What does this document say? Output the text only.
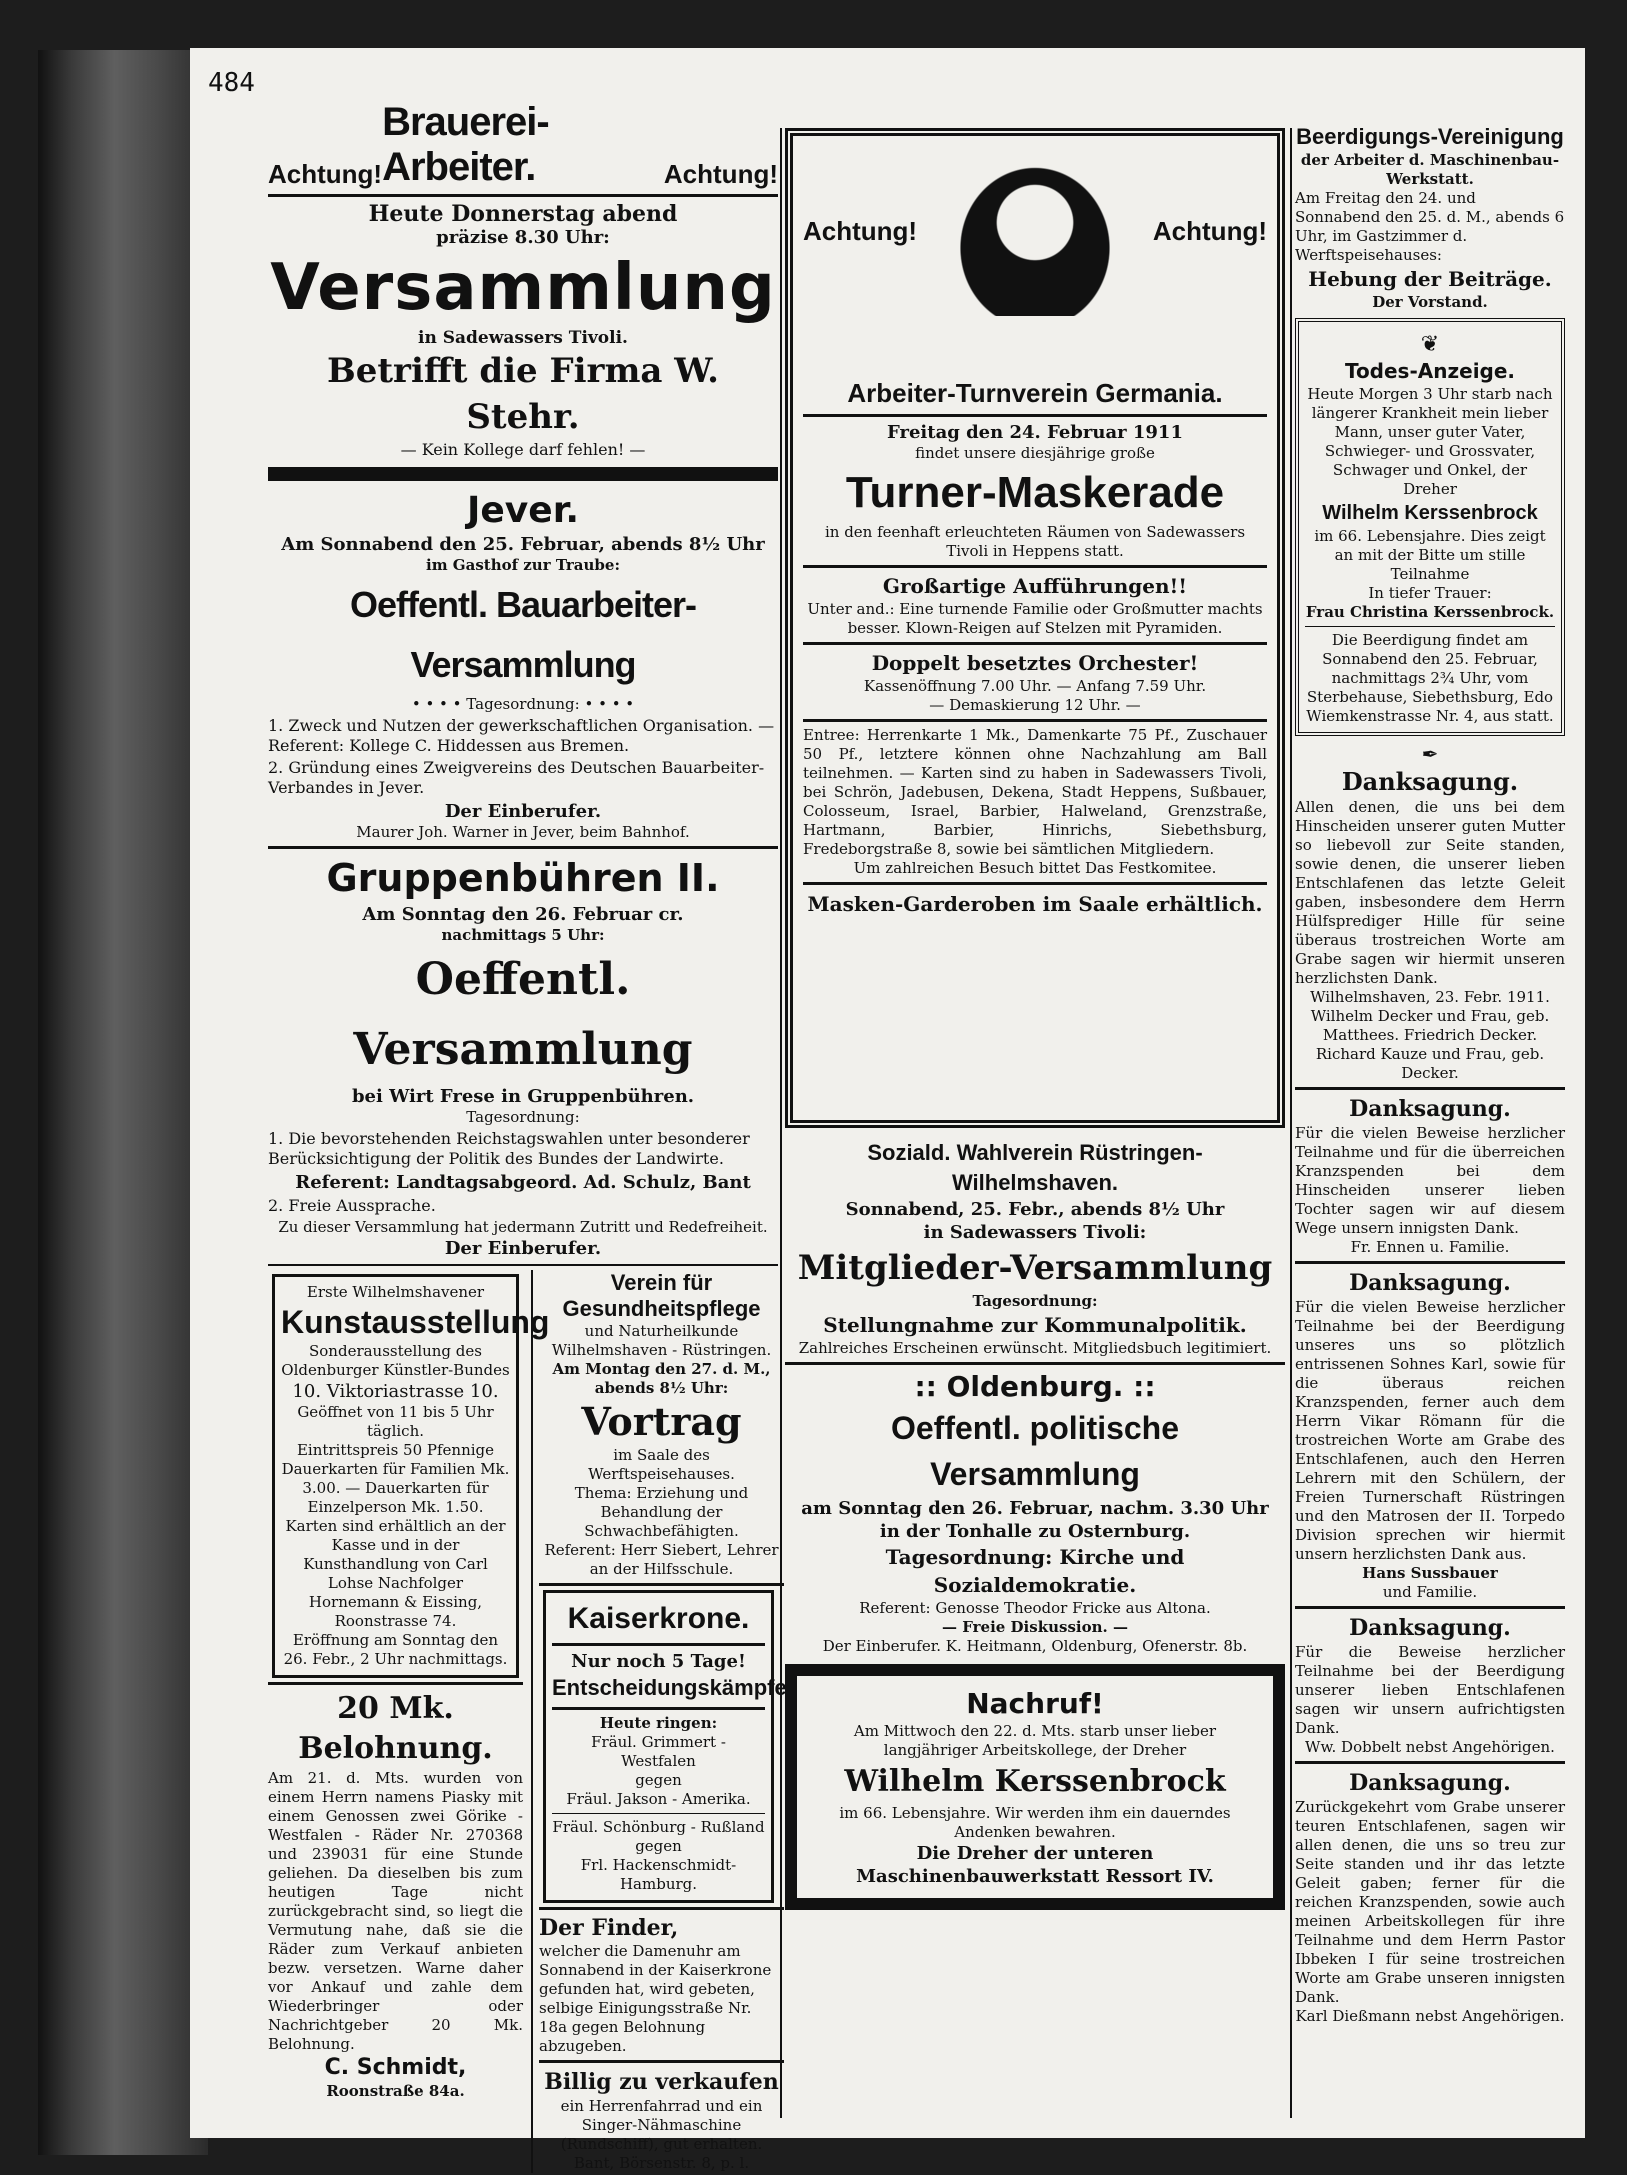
484
Achtung!
Brauerei-Arbeiter.	Achtung!

Heute Donnerstag abend

präzise 8.30 Uhr:

Versammlung

in Sadewassers Tivoli.

Betrifft die Firma W. Stehr.

— Kein Kollege darf fehlen! —

Jever.

Am Sonnabend den 25. Februar, abends 8½ Uhr

im Gasthof zur Traube:

Oeffentl. Bauarbeiter-Versammlung

• • • • Tagesordnung: • • • •

1. Zweck und Nutzen der gewerkschaftlichen Organisation. — Referent: Kollege C. Hiddessen aus Bremen.

2. Gründung eines Zweigvereins des Deutschen Bauarbeiter-Verbandes in Jever.

Der Einberufer.

Maurer Joh. Warner in Jever, beim Bahnhof.

Gruppenbühren II.

Am Sonntag den 26. Februar cr.

nachmittags 5 Uhr:

Oeffentl. Versammlung

bei Wirt Frese in Gruppenbühren.

Tagesordnung:

1. Die bevorstehenden Reichstagswahlen unter besonderer Berücksichtigung der Politik des Bundes der Landwirte.

Referent: Landtagsabgeord. Ad. Schulz, Bant

2. Freie Aussprache.

Zu dieser Versammlung hat jedermann Zutritt und Redefreiheit.

Der Einberufer.

Erste Wilhelmshavener

Kunstausstellung

Sonderausstellung des Oldenburger Künstler-Bundes

10. Viktoriastrasse 10.

Geöffnet von 11 bis 5 Uhr täglich.

Eintrittspreis 50 Pfennige Dauerkarten für Familien Mk. 3.00. — Dauerkarten für Einzelperson Mk. 1.50.

Karten sind erhältlich an der Kasse und in der Kunsthandlung von Carl Lohse Nachfolger Hornemann & Eissing, Roonstrasse 74.

Eröffnung am Sonntag den 26. Febr., 2 Uhr nachmittags.

20 Mk. Belohnung.

Am 21. d. Mts. wurden von einem Herrn namens Piasky mit einem Genossen zwei Görike - Westfalen - Räder Nr. 270368 und 239031 für eine Stunde geliehen. Da dieselben bis zum heutigen Tage nicht zurückgebracht sind, so liegt die Vermutung nahe, daß sie die Räder zum Verkauf anbieten bezw. versetzen. Warne daher vor Ankauf und zahle dem Wiederbringer oder Nachrichtgeber 20 Mk. Belohnung.

C. Schmidt,

Roonstraße 84a.

Verein für Gesundheitspflege

und Naturheilkunde Wilhelmshaven - Rüstringen.

Am Montag den 27. d. M., abends 8½ Uhr:

Vortrag

im Saale des Werftspeisehauses.

Thema: Erziehung und Behandlung der Schwachbefähigten.

Referent: Herr Siebert, Lehrer an der Hilfsschule.

Kaiserkrone.

Nur noch 5 Tage!

Entscheidungskämpfe.

Heute ringen:

Fräul. Grimmert - Westfalen

gegen

Fräul. Jakson - Amerika.

Fräul. Schönburg - Rußland

gegen

Frl. Hackenschmidt-Hamburg.

Der Finder,

welcher die Damenuhr am Sonnabend in der Kaiserkrone gefunden hat, wird gebeten, selbige Einigungsstraße Nr. 18a gegen Belohnung abzugeben.

Billig zu verkaufen

ein Herrenfahrrad und ein Singer-Nähmaschine (Rundschiff), gut erhalten. Bant, Börsenstr. 8, p. l.

Achtung!	Achtung!

Arbeiter-Turnverein Germania.

Freitag den 24. Februar 1911

findet unsere diesjährige große

Turner-Maskerade

in den feenhaft erleuchteten Räumen von Sadewassers Tivoli in Heppens statt.

Großartige Aufführungen!!

Unter and.: Eine turnende Familie oder Großmutter machts besser. Klown-Reigen auf Stelzen mit Pyramiden.

Doppelt besetztes Orchester!

Kassenöffnung 7.00 Uhr. — Anfang 7.59 Uhr.

— Demaskierung 12 Uhr. —

Entree: Herrenkarte 1 Mk., Damenkarte 75 Pf., Zuschauer 50 Pf., letztere können ohne Nachzahlung am Ball teilnehmen. — Karten sind zu haben in Sadewassers Tivoli, bei Schrön, Jadebusen, Dekena, Stadt Heppens, Sußbauer, Colosseum, Israel, Barbier, Halweland, Grenzstraße, Hartmann, Barbier, Hinrichs, Siebethsburg, Fredeborgstraße 8, sowie bei sämtlichen Mitgliedern.

Um zahlreichen Besuch bittet Das Festkomitee.

Masken-Garderoben im Saale erhältlich.

Soziald. Wahlverein Rüstringen-Wilhelmshaven.

Sonnabend, 25. Febr., abends 8½ Uhr

in Sadewassers Tivoli:

Mitglieder-Versammlung

Tagesordnung:

Stellungnahme zur Kommunalpolitik.

Zahlreiches Erscheinen erwünscht. Mitgliedsbuch legitimiert.

:: Oldenburg. ::

Oeffentl. politische Versammlung

am Sonntag den 26. Februar, nachm. 3.30 Uhr

in der Tonhalle zu Osternburg.

Tagesordnung: Kirche und Sozialdemokratie.

Referent: Genosse Theodor Fricke aus Altona.

— Freie Diskussion. —

Der Einberufer. K. Heitmann, Oldenburg, Ofenerstr. 8b.

Nachruf!

Am Mittwoch den 22. d. Mts. starb unser lieber langjähriger Arbeitskollege, der Dreher

Wilhelm Kerssenbrock

im 66. Lebensjahre. Wir werden ihm ein dauerndes Andenken bewahren.

Die Dreher der unteren Maschinenbauwerkstatt Ressort IV.

Beerdigungs-Vereinigung

der Arbeiter d. Maschinenbau-Werkstatt.

Am Freitag den 24. und Sonnabend den 25. d. M., abends 6 Uhr, im Gastzimmer d. Werftspeisehauses:

Hebung der Beiträge.

Der Vorstand.

❦

Todes-Anzeige.

Heute Morgen 3 Uhr starb nach längerer Krankheit mein lieber Mann, unser guter Vater, Schwieger- und Grossvater, Schwager und Onkel, der Dreher

Wilhelm Kerssenbrock

im 66. Lebensjahre. Dies zeigt an mit der Bitte um stille Teilnahme

In tiefer Trauer:

Frau Christina Kerssenbrock.

Die Beerdigung findet am Sonnabend den 25. Februar, nachmittags 2¾ Uhr, vom Sterbehause, Siebethsburg, Edo Wiemkenstrasse Nr. 4, aus statt.

✒

Danksagung.

Allen denen, die uns bei dem Hinscheiden unserer guten Mutter so liebevoll zur Seite standen, sowie denen, die unserer lieben Entschlafenen das letzte Geleit gaben, insbesondere dem Herrn Hülfsprediger Hille für seine überaus trostreichen Worte am Grabe sagen wir hiermit unseren herzlichsten Dank.

Wilhelmshaven, 23. Febr. 1911.

Wilhelm Decker und Frau, geb. Matthees. Friedrich Decker. Richard Kauze und Frau, geb. Decker.

Danksagung.

Für die vielen Beweise herzlicher Teilnahme und für die überreichen Kranzspenden bei dem Hinscheiden unserer lieben Tochter sagen wir auf diesem Wege unsern innigsten Dank.

Fr. Ennen u. Familie.

Danksagung.

Für die vielen Beweise herzlicher Teilnahme bei der Beerdigung unseres uns so plötzlich entrissenen Sohnes Karl, sowie für die überaus reichen Kranzspenden, ferner auch dem Herrn Vikar Römann für die trostreichen Worte am Grabe des Entschlafenen, auch den Herren Lehrern mit den Schülern, der Freien Turnerschaft Rüstringen und den Matrosen der II. Torpedo Division sprechen wir hiermit unsern herzlichsten Dank aus.

Hans Sussbauer

und Familie.

Danksagung.

Für die Beweise herzlicher Teilnahme bei der Beerdigung unserer lieben Entschlafenen sagen wir unsern aufrichtigsten Dank.

Ww. Dobbelt nebst Angehörigen.

Danksagung.

Zurückgekehrt vom Grabe unserer teuren Entschlafenen, sagen wir allen denen, die uns so treu zur Seite standen und ihr das letzte Geleit gaben; ferner für die reichen Kranzspenden, sowie auch meinen Arbeitskollegen für ihre Teilnahme und dem Herrn Pastor Ibbeken I für seine trostreichen Worte am Grabe unseren innigsten Dank.

Karl Dießmann nebst Angehörigen.
